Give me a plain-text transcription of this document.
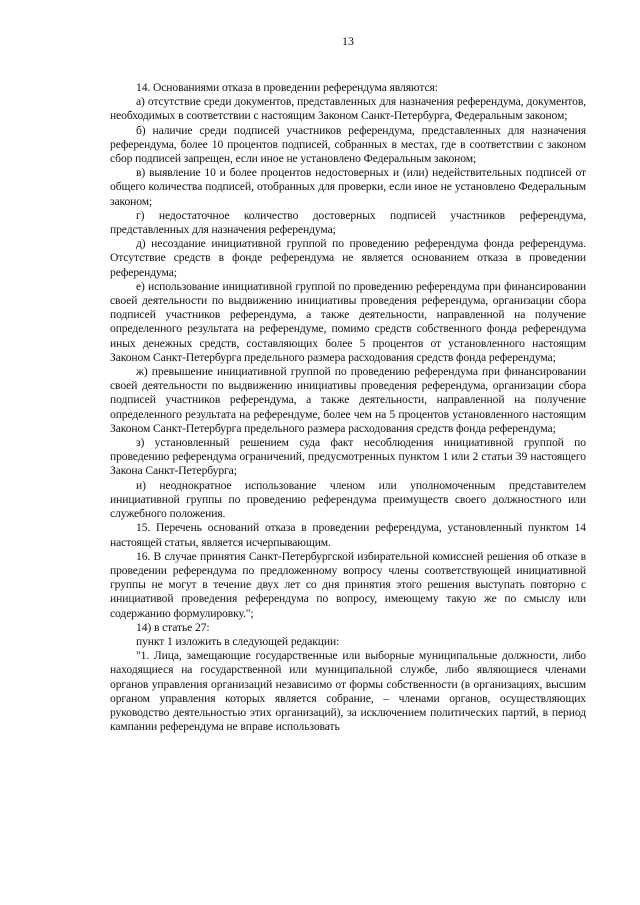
13

14. Основаниями отказа в проведении референдума являются:

а) отсутствие среди документов, представленных для назначения референдума, документов, необходимых в соответствии с настоящим Законом Санкт-Петербурга, Федеральным законом;

б) наличие среди подписей участников референдума, представленных для назначения референдума, более 10 процентов подписей, собранных в местах, где в соответствии с законом сбор подписей запрещен, если иное не установлено Федеральным законом;

в) выявление 10 и более процентов недостоверных и (или) недействительных подписей от общего количества подписей, отобранных для проверки, если иное не установлено Федеральным законом;

г) недостаточное количество достоверных подписей участников референдума, представленных для назначения референдума;

д) несоздание инициативной группой по проведению референдума фонда референдума. Отсутствие средств в фонде референдума не является основанием отказа в проведении референдума;

е) использование инициативной группой по проведению референдума при финансировании своей деятельности по выдвижению инициативы проведения референдума, организации сбора подписей участников референдума, а также деятельности, направленной на получение определенного результата на референдуме, помимо средств собственного фонда референдума иных денежных средств, составляющих более 5 процентов от установленного настоящим Законом Санкт-Петербурга предельного размера расходования средств фонда референдума;

ж) превышение инициативной группой по проведению референдума при финансировании своей деятельности по выдвижению инициативы проведения референдума, организации сбора подписей участников референдума, а также деятельности, направленной на получение определенного результата на референдуме, более чем на 5 процентов установленного настоящим Законом Санкт-Петербурга предельного размера расходования средств фонда референдума;

з) установленный решением суда факт несоблюдения инициативной группой по проведению референдума ограничений, предусмотренных пунктом 1 или 2 статьи 39 настоящего Закона Санкт-Петербурга;

и) неоднократное использование членом или уполномоченным представителем инициативной группы по проведению референдума преимуществ своего должностного или служебного положения.

15. Перечень оснований отказа в проведении референдума, установленный пунктом 14 настоящей статьи, является исчерпывающим.

16. В случае принятия Санкт-Петербургской избирательной комиссией решения об отказе в проведении референдума по предложенному вопросу члены соответствующей инициативной группы не могут в течение двух лет со дня принятия этого решения выступать повторно с инициативой проведения референдума по вопросу, имеющему такую же по смыслу или содержанию формулировку.";

14) в статье 27:

пункт 1 изложить в следующей редакции:

"1. Лица, замещающие государственные или выборные муниципальные должности, либо находящиеся на государственной или муниципальной службе, либо являющиеся членами органов управления организаций независимо от формы собственности (в организациях, высшим органом управления которых является собрание, – членами органов, осуществляющих руководство деятельностью этих организаций), за исключением политических партий, в период кампании референдума не вправе использовать
